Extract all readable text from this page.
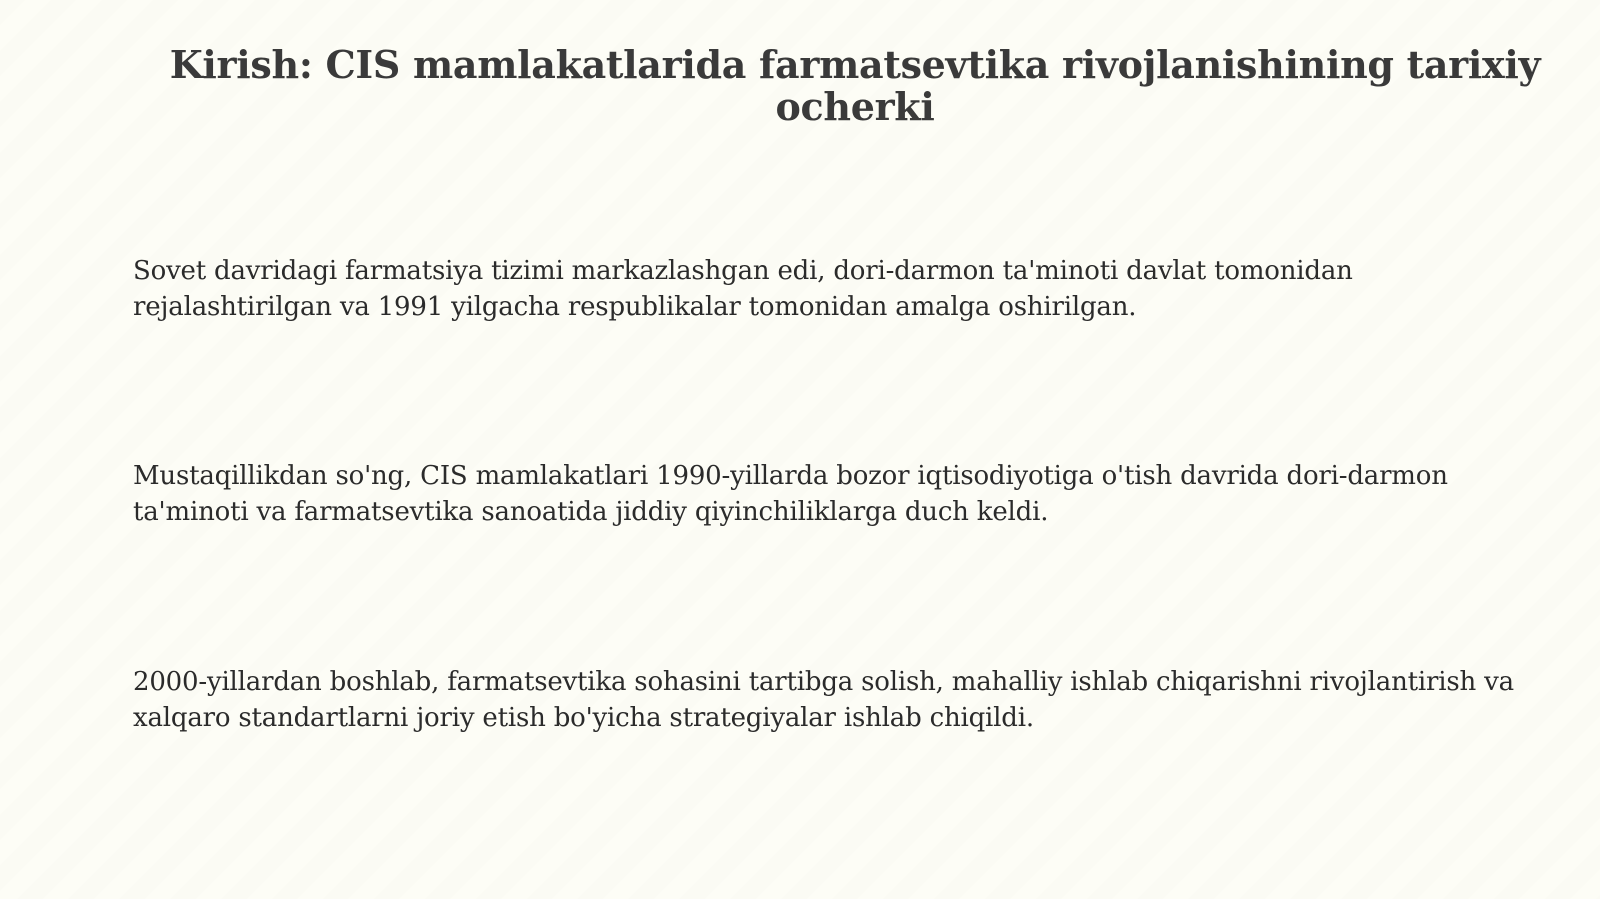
Kirish: CIS mamlakatlarida farmatsevtika rivojlanishining tarixiy ocherki

Sovet davridagi farmatsiya tizimi markazlashgan edi, dori-darmon ta'minoti davlat tomonidan rejalashtirilgan va 1991 yilgacha respublikalar tomonidan amalga oshirilgan.

Mustaqillikdan so'ng, CIS mamlakatlari 1990-yillarda bozor iqtisodiyotiga o'tish davrida dori-darmon ta'minoti va farmatsevtika sanoatida jiddiy qiyinchiliklarga duch keldi.

2000-yillardan boshlab, farmatsevtika sohasini tartibga solish, mahalliy ishlab chiqarishni rivojlantirish va xalqaro standartlarni joriy etish bo'yicha strategiyalar ishlab chiqildi.
